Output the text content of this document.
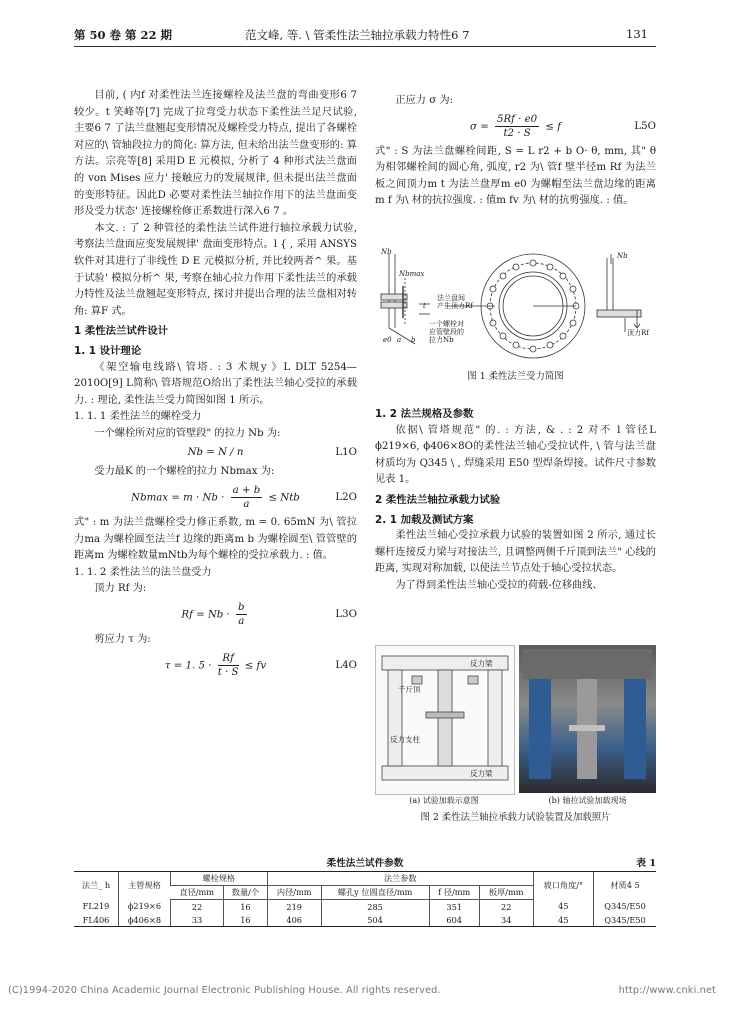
第 50 卷 第 22 期	范文峰, 等. \ 管柔性法兰轴拉承载力特性6 7	131

目前, ( 内f 对柔性法兰连接螺栓及法兰盘的弯曲变形6 7 较少。t 笑峰等[7] 完成了拉弯受力状态下柔性法兰足尺试验, 主要6 7 了法兰盘翘起变形情况及螺栓受力特点, 提出了各螺栓对应的\ 管轴段拉力的简化: 算方法, 但未给出法兰盘变形的: 算方法。宗亮等[8] 采用D E 元模拟, 分析了 4 种形式法兰盘面的 von Mises 应力' 接触应力的发展规律, 但未提出法兰盘面的变形特征。因此D 必要对柔性法兰轴拉作用下的法兰盘面变形及受力状态' 连接螺栓修正系数进行深入6 7 。

本文. : 了 2 种管径的柔性法兰试件进行轴拉承载力试验, 考察法兰盘面应变发展规律' 盘面变形特点。l { , 采用 ANSYS 软件对其进行了非线性 D E 元模拟分析, 并比较两者^ 果。基于试验' 模拟分析^ 果, 考察在轴心拉力作用下柔性法兰的承载力特性及法兰盘翘起变形特点, 探讨并提出合理的法兰盘相对转角: 算F 式。

1 柔性法兰试件设计

1. 1 设计理论

《架空输电线路\ 管塔. : 3 术规y 》L DLT 5254—2010O[9] L简称\ 管塔规范O给出了柔性法兰轴心受拉的承载力. : 理论, 柔性法兰受力简图如图 1 所示。

1. 1. 1 柔性法兰的螺栓受力

一个螺栓所对应的管壁段" 的拉力 Nb 为:

Nb = N / n	L1O

受力最K 的一个螺栓的拉力 Nbmax 为:

$Nbmax = m \cdot Nb \cdot \frac{a + b}{a}$ ≤ Ntb	L2O

式" : m 为法兰盘螺栓受力修正系数, m = 0. 65mN 为\ 管拉力ma 为螺栓圆至法兰f 边缘的距离m b 为螺栓圆至\ 管管壁的距离m 为螺栓数量mNtb为每个螺栓的受拉承载力. : 值。

1. 1. 2 柔性法兰的法兰盘受力

顶力 Rf 为:

$Rf = Nb \cdot \frac{b}{a}$	L3O

剪应力 τ 为:

τ = 1. $5 \cdot \frac{Rf}{t \cdot S}$ ≤ fv	L4O

正应力 σ 为:

$\sigma = \frac{5Rf \cdot e0}{t2 \cdot S} \le f$	L5O

式" : S 为法兰盘螺栓间距, S = L r2 + b O· θ, mm, 其" θ 为相邻螺栓间的圆心角, 弧度, r2 为\ 管f 壁半径m Rf 为法兰板之间顶力m t 为法兰盘厚m e0 为螺帽至法兰盘边缘的距离m f 为\ 材的抗拉强度. : 值m fv 为\ 材的抗剪强度. : 值。

法兰盘间
产生顶力Rf
一个螺栓对
应管壁段的
拉力Nb
Nbmax
Nb	Nb
顶力Rf
a b
e0
t
图 1 柔性法兰受力简图

1. 2 法兰规格及参数

依据\ 管塔规范" 的. : 方法, & . : 2 对不 l 管径L ϕ219×6, ϕ406×8O的柔性法兰轴心受拉试件, \ 管与法兰盘材质均为 Q345 \ , 焊缝采用 E50 型焊条焊接。试件尺寸参数见表 1。

2 柔性法兰轴拉承载力试验

2. 1 加载及测试方案

柔性法兰轴心受拉承载力试验的装置如图 2 所示, 通过长螺杆连接反力梁与对接法兰, 且调整两侧千斤顶到法兰" 心线的距离, 实现对称加载, 以使法兰节点处于轴心受拉状态。

为了得到柔性法兰轴心受拉的荷载-位移曲线、

反力梁
千斤顶
反力支柱
反力梁
(a) 试验加载示意图	(b) 轴拉试验加载现场
图 2 柔性法兰轴拉承载力试验装置及加载照片
柔性法兰试件参数	表 1
法兰_ h	主管规格	螺栓规格		法兰参数				坡口角度/°	材质4 5
		直径/mm	数量/个	内径/mm	螺孔y 位圆直径/mm	f 径/mm	板厚/mm		
FL219	ϕ219×6	22	16	219	285	351	22	45	Q345/E50
FL406	ϕ406×8	33	16	406	504	604	34	45	Q345/E50
(C)1994-2020 China Academic Journal Electronic Publishing House. All rights reserved.	http://www.cnki.net
